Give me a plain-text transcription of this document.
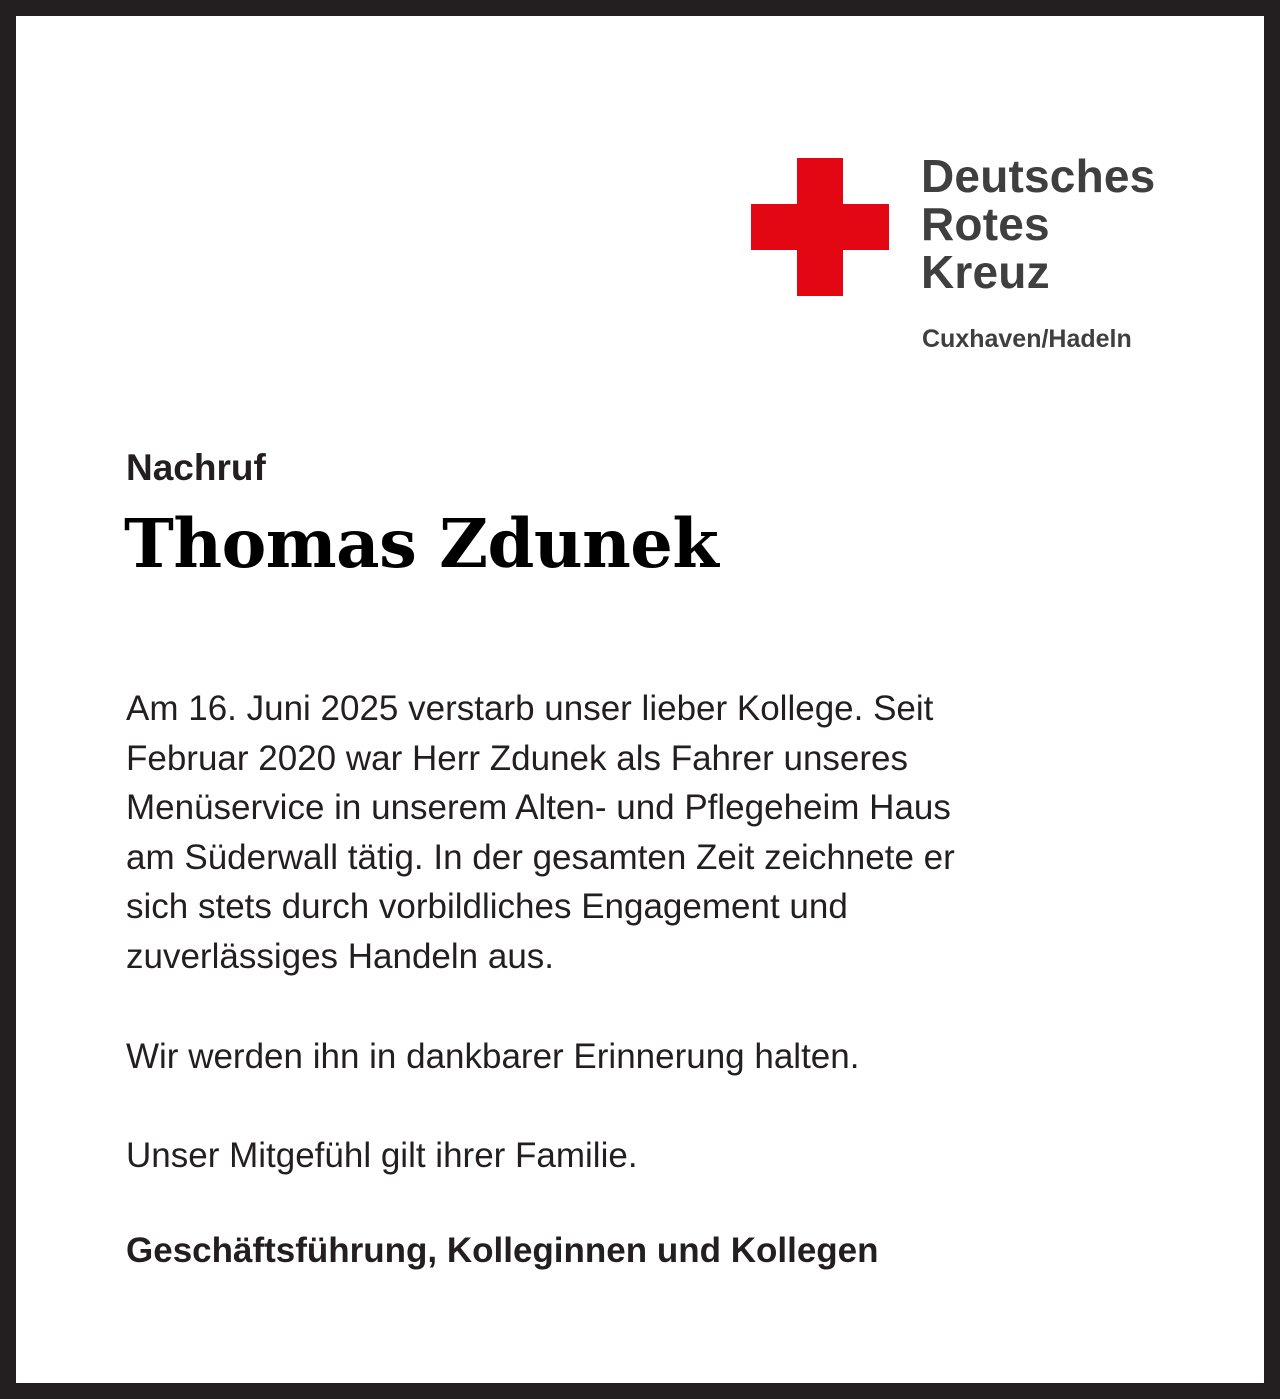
Deutsches
Rotes
Kreuz
Cuxhaven/Hadeln
Nachruf
Thomas Zdunek

Am 16. Juni 2025 verstarb unser lieber Kollege. Seit
Februar 2020 war Herr Zdunek als Fahrer unseres
Menüservice in unserem Alten- und Pflegeheim Haus
am Süderwall tätig. In der gesamten Zeit zeichnete er
sich stets durch vorbildliches Engagement und
zuverlässiges Handeln aus.

Wir werden ihn in dankbarer Erinnerung halten.

Unser Mitgefühl gilt ihrer Familie.

Geschäftsführung, Kolleginnen und Kollegen
